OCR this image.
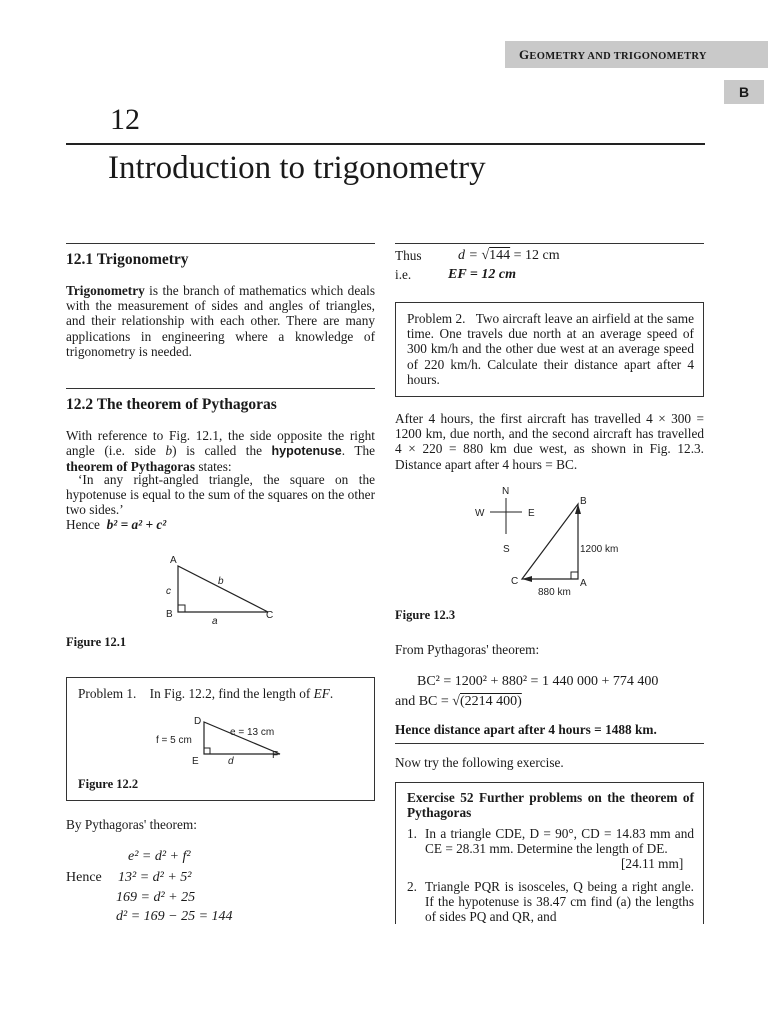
GEOMETRY AND TRIGONOMETRY
B
12
Introduction to trigonometry
12.1 Trigonometry
Trigonometry is the branch of mathematics which deals with the measurement of sides and angles of triangles, and their relationship with each other. There are many applications in engineering where a knowledge of trigonometry is needed.
12.2 The theorem of Pythagoras
With reference to Fig. 12.1, the side opposite the right angle (i.e. side b) is called the hypotenuse. The theorem of Pythagoras states:
‘In any right-angled triangle, the square on the hypotenuse is equal to the sum of the squares on the other two sides.’
Hence b² = a² + c²
A
B	C
c
b
a
Figure 12.1
Problem 1. In Fig. 12.2, find the length of EF.
D
E
F
f = 5 cm
e = 13 cm
d
Figure 12.2
By Pythagoras' theorem:
e² = d² + f²
Hence 13² = d² + 5²
169 = d² + 25
d² = 169 − 25 = 144
Thus	d = √144 = 12 cm
i.e.	EF = 12 cm
Problem 2. Two aircraft leave an airfield at the same time. One travels due north at an average speed of 300 km/h and the other due west at an average speed of 220 km/h. Calculate their distance apart after 4 hours.
After 4 hours, the first aircraft has travelled 4 × 300 = 1200 km, due north, and the second aircraft has travelled 4 × 220 = 880 km due west, as shown in Fig. 12.3. Distance apart after 4 hours = BC.
N
S
W	E
B
C	A
1200 km
880 km
Figure 12.3
From Pythagoras' theorem:
BC² = 1200² + 880² = 1 440 000 + 774 400
and BC = √(2214 400)
Hence distance apart after 4 hours = 1488 km.
Now try the following exercise.
Exercise 52 Further problems on the theorem of Pythagoras
1. In a triangle CDE, D = 90°, CD = 14.83 mm and CE = 28.31 mm. Determine the length of DE.
[24.11 mm]
2. Triangle PQR is isosceles, Q being a right angle. If the hypotenuse is 38.47 cm find (a) the lengths of sides PQ and QR, and
